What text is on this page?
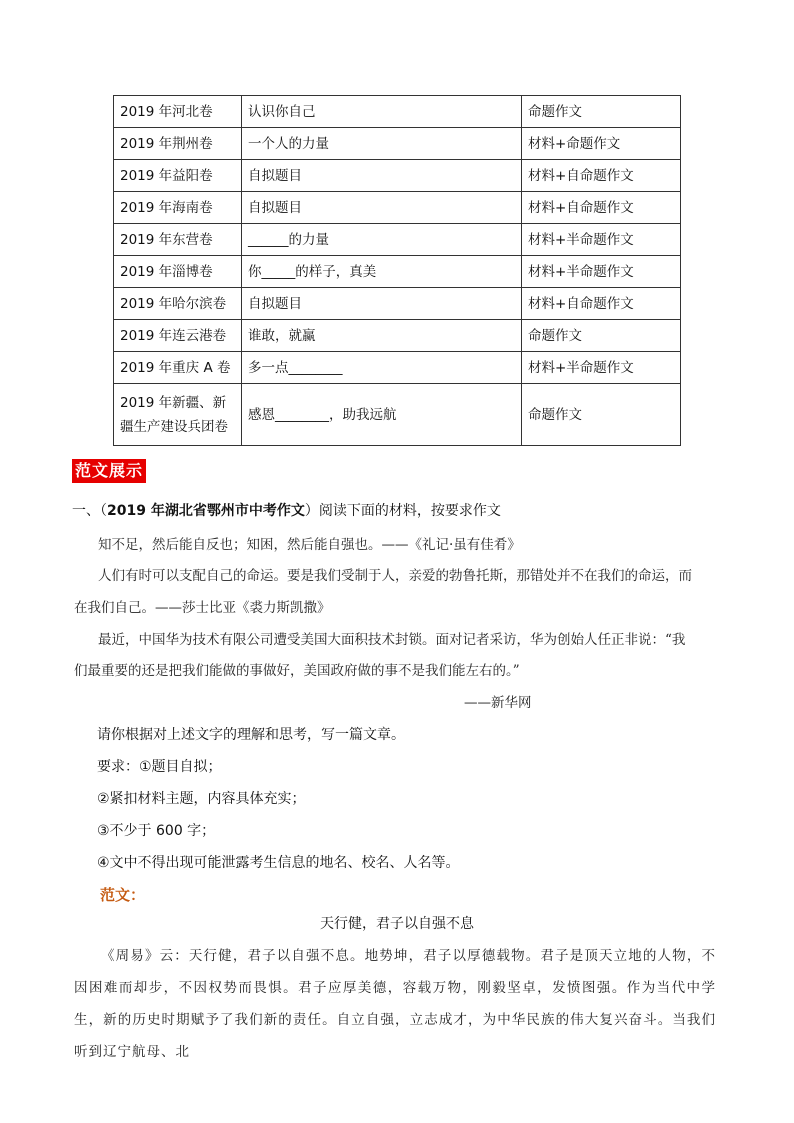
2019 年河北卷	认识你自己	命题作文
2019 年荆州卷	一个人的力量	材料+命题作文
2019 年益阳卷	自拟题目	材料+自命题作文
2019 年海南卷	自拟题目	材料+自命题作文
2019 年东营卷	______的力量	材料+半命题作文
2019 年淄博卷	你_____的样子，真美	材料+半命题作文
2019 年哈尔滨卷	自拟题目	材料+自命题作文
2019 年连云港卷	谁敢，就赢	命题作文
2019 年重庆 A 卷	多一点________	材料+半命题作文
2019 年新疆、新疆生产建设兵团卷	感恩________，助我远航	命题作文
范文展示
一、（2019 年湖北省鄂州市中考作文）阅读下面的材料，按要求作文
知不足，然后能自反也；知困，然后能自强也。——《礼记·虽有佳肴》
人们有时可以支配自己的命运。要是我们受制于人，亲爱的勃鲁托斯，那错处并不在我们的命运，而
在我们自己。——莎士比亚《裘力斯凯撒》
最近，中国华为技术有限公司遭受美国大面积技术封锁。面对记者采访，华为创始人任正非说：“我
们最重要的还是把我们能做的事做好，美国政府做的事不是我们能左右的。”
——新华网
请你根据对上述文字的理解和思考，写一篇文章。
要求：①题目自拟；
②紧扣材料主题，内容具体充实；
③不少于 600 字；
④文中不得出现可能泄露考生信息的地名、校名、人名等。
范文：
天行健，君子以自强不息
《周易》云：天行健，君子以自强不息。地势坤，君子以厚德载物。君子是顶天立地的人物，不因困难而却步，不因权势而畏惧。君子应厚美德，容载万物，刚毅坚卓，发愤图强。作为当代中学生，新的历史时期赋予了我们新的责任。自立自强，立志成才，为中华民族的伟大复兴奋斗。当我们听到辽宁航母、北
